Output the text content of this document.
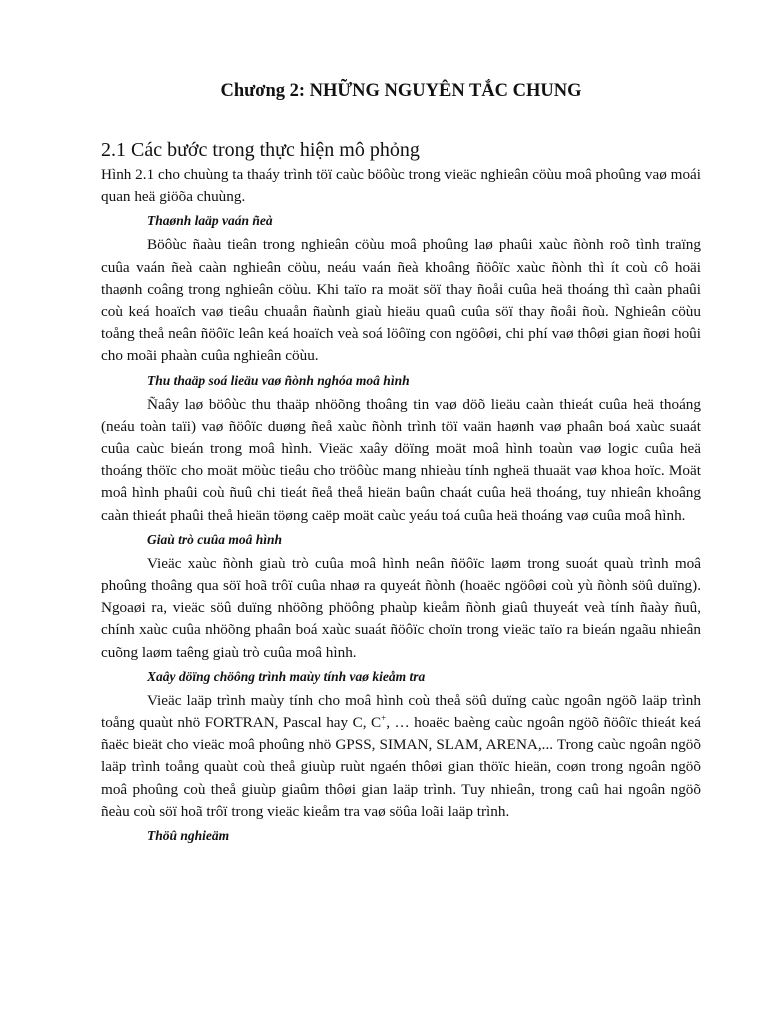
Chương 2: NHỮNG NGUYÊN TẮC CHUNG
2.1 Các bước trong thực hiện mô phỏng

Hình 2.1 cho chuùng ta thaáy trình töï caùc böôùc trong vieäc nghieân cöùu moâ phoûng vaø moái quan heä giöõa chuùng.

Thaønh laäp vaán ñeà

Böôùc ñaàu tieân trong nghieân cöùu moâ phoûng laø phaûi xaùc ñònh roõ tình traïng cuûa vaán ñeà caàn nghieân cöùu, neáu vaán ñeà khoâng ñöôïc xaùc ñònh thì ít coù cô hoäi thaønh coâng trong nghieân cöùu. Khi taïo ra moät söï thay ñoåi cuûa heä thoáng thì caàn phaûi coù keá hoaïch vaø tieâu chuaån ñaùnh giaù hieäu quaû cuûa söï thay ñoåi ñoù. Nghieân cöùu toång theå neân ñöôïc leân keá hoaïch veà soá löôïng con ngöôøi, chi phí vaø thôøi gian ñoøi hoûi cho moãi phaàn cuûa nghieân cöùu.

Thu thaäp soá lieäu vaø ñònh nghóa moâ hình

Ñaây laø böôùc thu thaäp nhöõng thoâng tin vaø döõ lieäu caàn thieát cuûa heä thoáng (neáu toàn taïi) vaø ñöôïc duøng ñeå xaùc ñònh trình töï vaän haønh vaø phaân boá xaùc suaát cuûa caùc bieán trong moâ hình. Vieäc xaây döïng moät moâ hình toaùn vaø logic cuûa heä thoáng thöïc cho moät möùc tieâu cho tröôùc mang nhieàu tính ngheä thuaät vaø khoa hoïc. Moät moâ hình phaûi coù ñuû chi tieát ñeå theå hieän baûn chaát cuûa heä thoáng, tuy nhieân khoâng caàn thieát phaûi theå hieän töøng caëp moät caùc yeáu toá cuûa heä thoáng vaø cuûa moâ hình.

Giaù trò cuûa moâ hình

Vieäc xaùc ñònh giaù trò cuûa moâ hình neân ñöôïc laøm trong suoát quaù trình moâ phoûng thoâng qua söï hoã trôï cuûa nhaø ra quyeát ñònh (hoaëc ngöôøi coù yù ñònh söû duïng). Ngoaøi ra, vieäc söû duïng nhöõng phöông phaùp kieåm ñònh giaû thuyeát veà tính ñaày ñuû, chính xaùc cuûa nhöõng phaân boá xaùc suaát ñöôïc choïn trong vieäc taïo ra bieán ngaãu nhieân cuõng laøm taêng giaù trò cuûa moâ hình.

Xaây döïng chöông trình maùy tính vaø kieåm tra

Vieäc laäp trình maùy tính cho moâ hình coù theå söû duïng caùc ngoân ngöõ laäp trình toång quaùt nhö FORTRAN, Pascal hay C, C+, … hoaëc baèng caùc ngoân ngöõ ñöôïc thieát keá ñaëc bieät cho vieäc moâ phoûng nhö GPSS, SIMAN, SLAM, ARENA,... Trong caùc ngoân ngöõ laäp trình toång quaùt coù theå giuùp ruùt ngaén thôøi gian thöïc hieän, coøn trong ngoân ngöõ moâ phoûng coù theå giuùp giaûm thôøi gian laäp trình. Tuy nhieân, trong caû hai ngoân ngöõ ñeàu coù söï hoã trôï trong vieäc kieåm tra vaø söûa loãi laäp trình.

Thöû nghieäm
